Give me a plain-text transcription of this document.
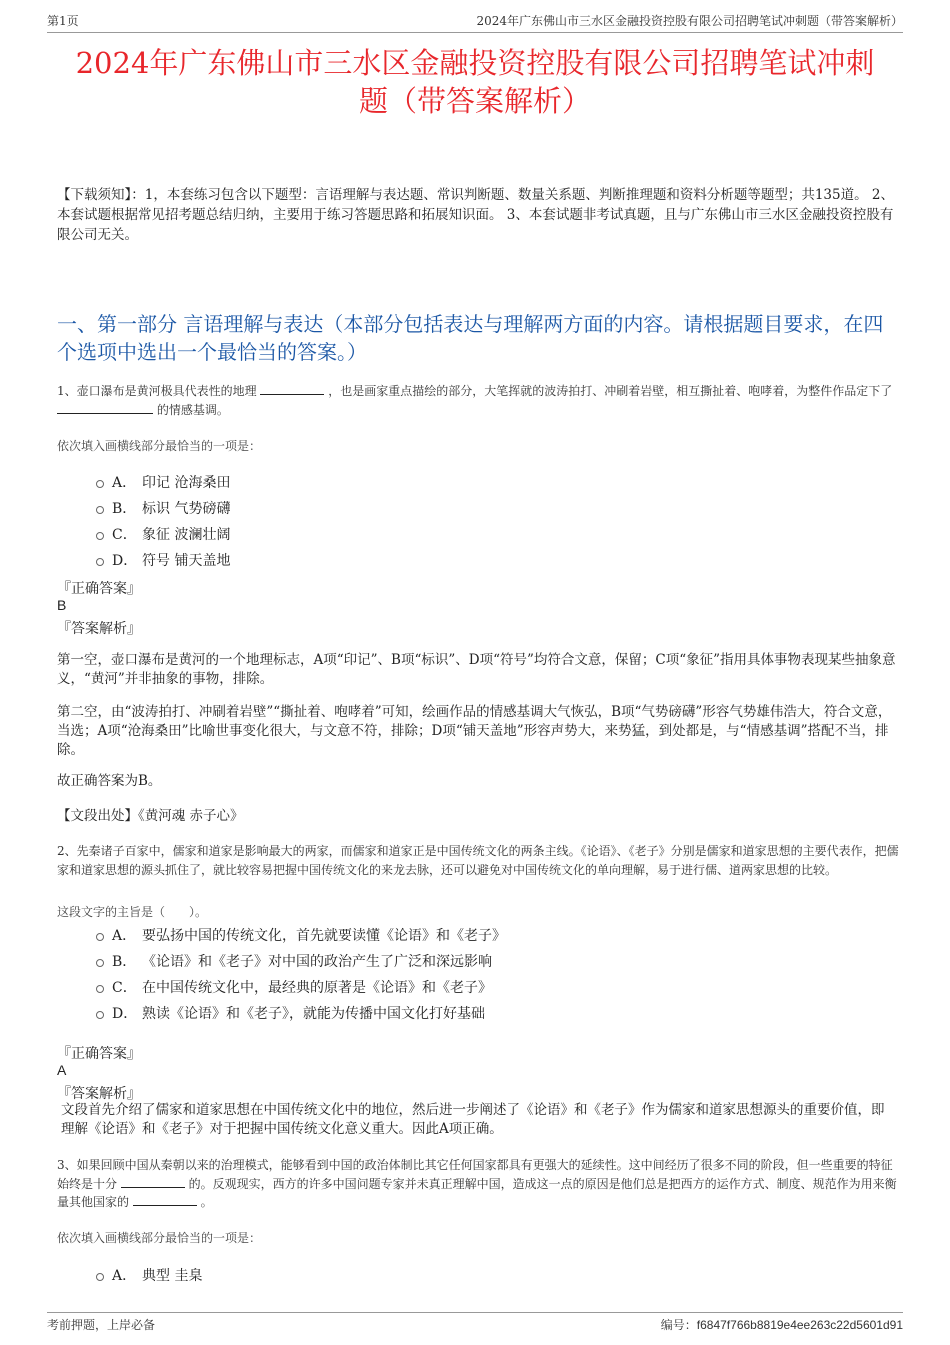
第1页	2024年广东佛山市三水区金融投资控股有限公司招聘笔试冲刺题（带答案解析）
2024年广东佛山市三水区金融投资控股有限公司招聘笔试冲刺
题（带答案解析）
【下载须知】：1，本套练习包含以下题型：言语理解与表达题、常识判断题、数量关系题、判断推理题和资料分析题等题型；共135道。 2、本套试题根据常见招考题总结归纳，主要用于练习答题思路和拓展知识面。 3、本套试题非考试真题，且与广东佛山市三水区金融投资控股有限公司无关。
一、第一部分 言语理解与表达（本部分包括表达与理解两方面的内容。请根据题目要求，在四个选项中选出一个最恰当的答案。）
1、壶口瀑布是黄河极具代表性的地理	，也是画家重点描绘的部分，大笔挥就的波涛拍打、冲刷着岩壁，相互撕扯着、咆哮着，为整件作品定下了  的情感基调。
依次填入画横线部分最恰当的一项是：
A． 印记 沧海桑田
B． 标识 气势磅礴
C． 象征 波澜壮阔
D． 符号 铺天盖地
『正确答案』
B
『答案解析』
第一空，壶口瀑布是黄河的一个地理标志，A项“印记”、B项“标识”、D项“符号”均符合文意，保留；C项“象征”指用具体事物表现某些抽象意义，“黄河”并非抽象的事物，排除。
第二空，由“波涛拍打、冲刷着岩壁”“撕扯着、咆哮着”可知，绘画作品的情感基调大气恢弘，B项“气势磅礴”形容气势雄伟浩大，符合文意，当选；A项“沧海桑田”比喻世事变化很大，与文意不符，排除；D项“铺天盖地”形容声势大，来势猛，到处都是，与“情感基调”搭配不当，排除。
故正确答案为B。
【文段出处】《黄河魂 赤子心》
2、先秦诸子百家中，儒家和道家是影响最大的两家，而儒家和道家正是中国传统文化的两条主线。《论语》、《老子》分别是儒家和道家思想的主要代表作，把儒家和道家思想的源头抓住了，就比较容易把握中国传统文化的来龙去脉，还可以避免对中国传统文化的单向理解，易于进行儒、道两家思想的比较。
这段文字的主旨是（　　）。
A． 要弘扬中国的传统文化，首先就要读懂《论语》和《老子》
B． 《论语》和《老子》对中国的政治产生了广泛和深远影响
C． 在中国传统文化中，最经典的原著是《论语》和《老子》
D． 熟读《论语》和《老子》，就能为传播中国文化打好基础
『正确答案』
A
『答案解析』
文段首先介绍了儒家和道家思想在中国传统文化中的地位，然后进一步阐述了《论语》和《老子》作为儒家和道家思想源头的重要价值，即理解《论语》和《老子》对于把握中国传统文化意义重大。因此A项正确。
3、如果回顾中国从秦朝以来的治理模式，能够看到中国的政治体制比其它任何国家都具有更强大的延续性。这中间经历了很多不同的阶段，但一些重要的特征始终是十分	的。反观现实，西方的许多中国问题专家并未真正理解中国，造成这一点的原因是他们总是把西方的运作方式、制度、规范作为用来衡量其他国家的	。
依次填入画横线部分最恰当的一项是：
A． 典型 圭臬
考前押题，上岸必备	编号：f6847f766b8819e4ee263c22d5601d91
